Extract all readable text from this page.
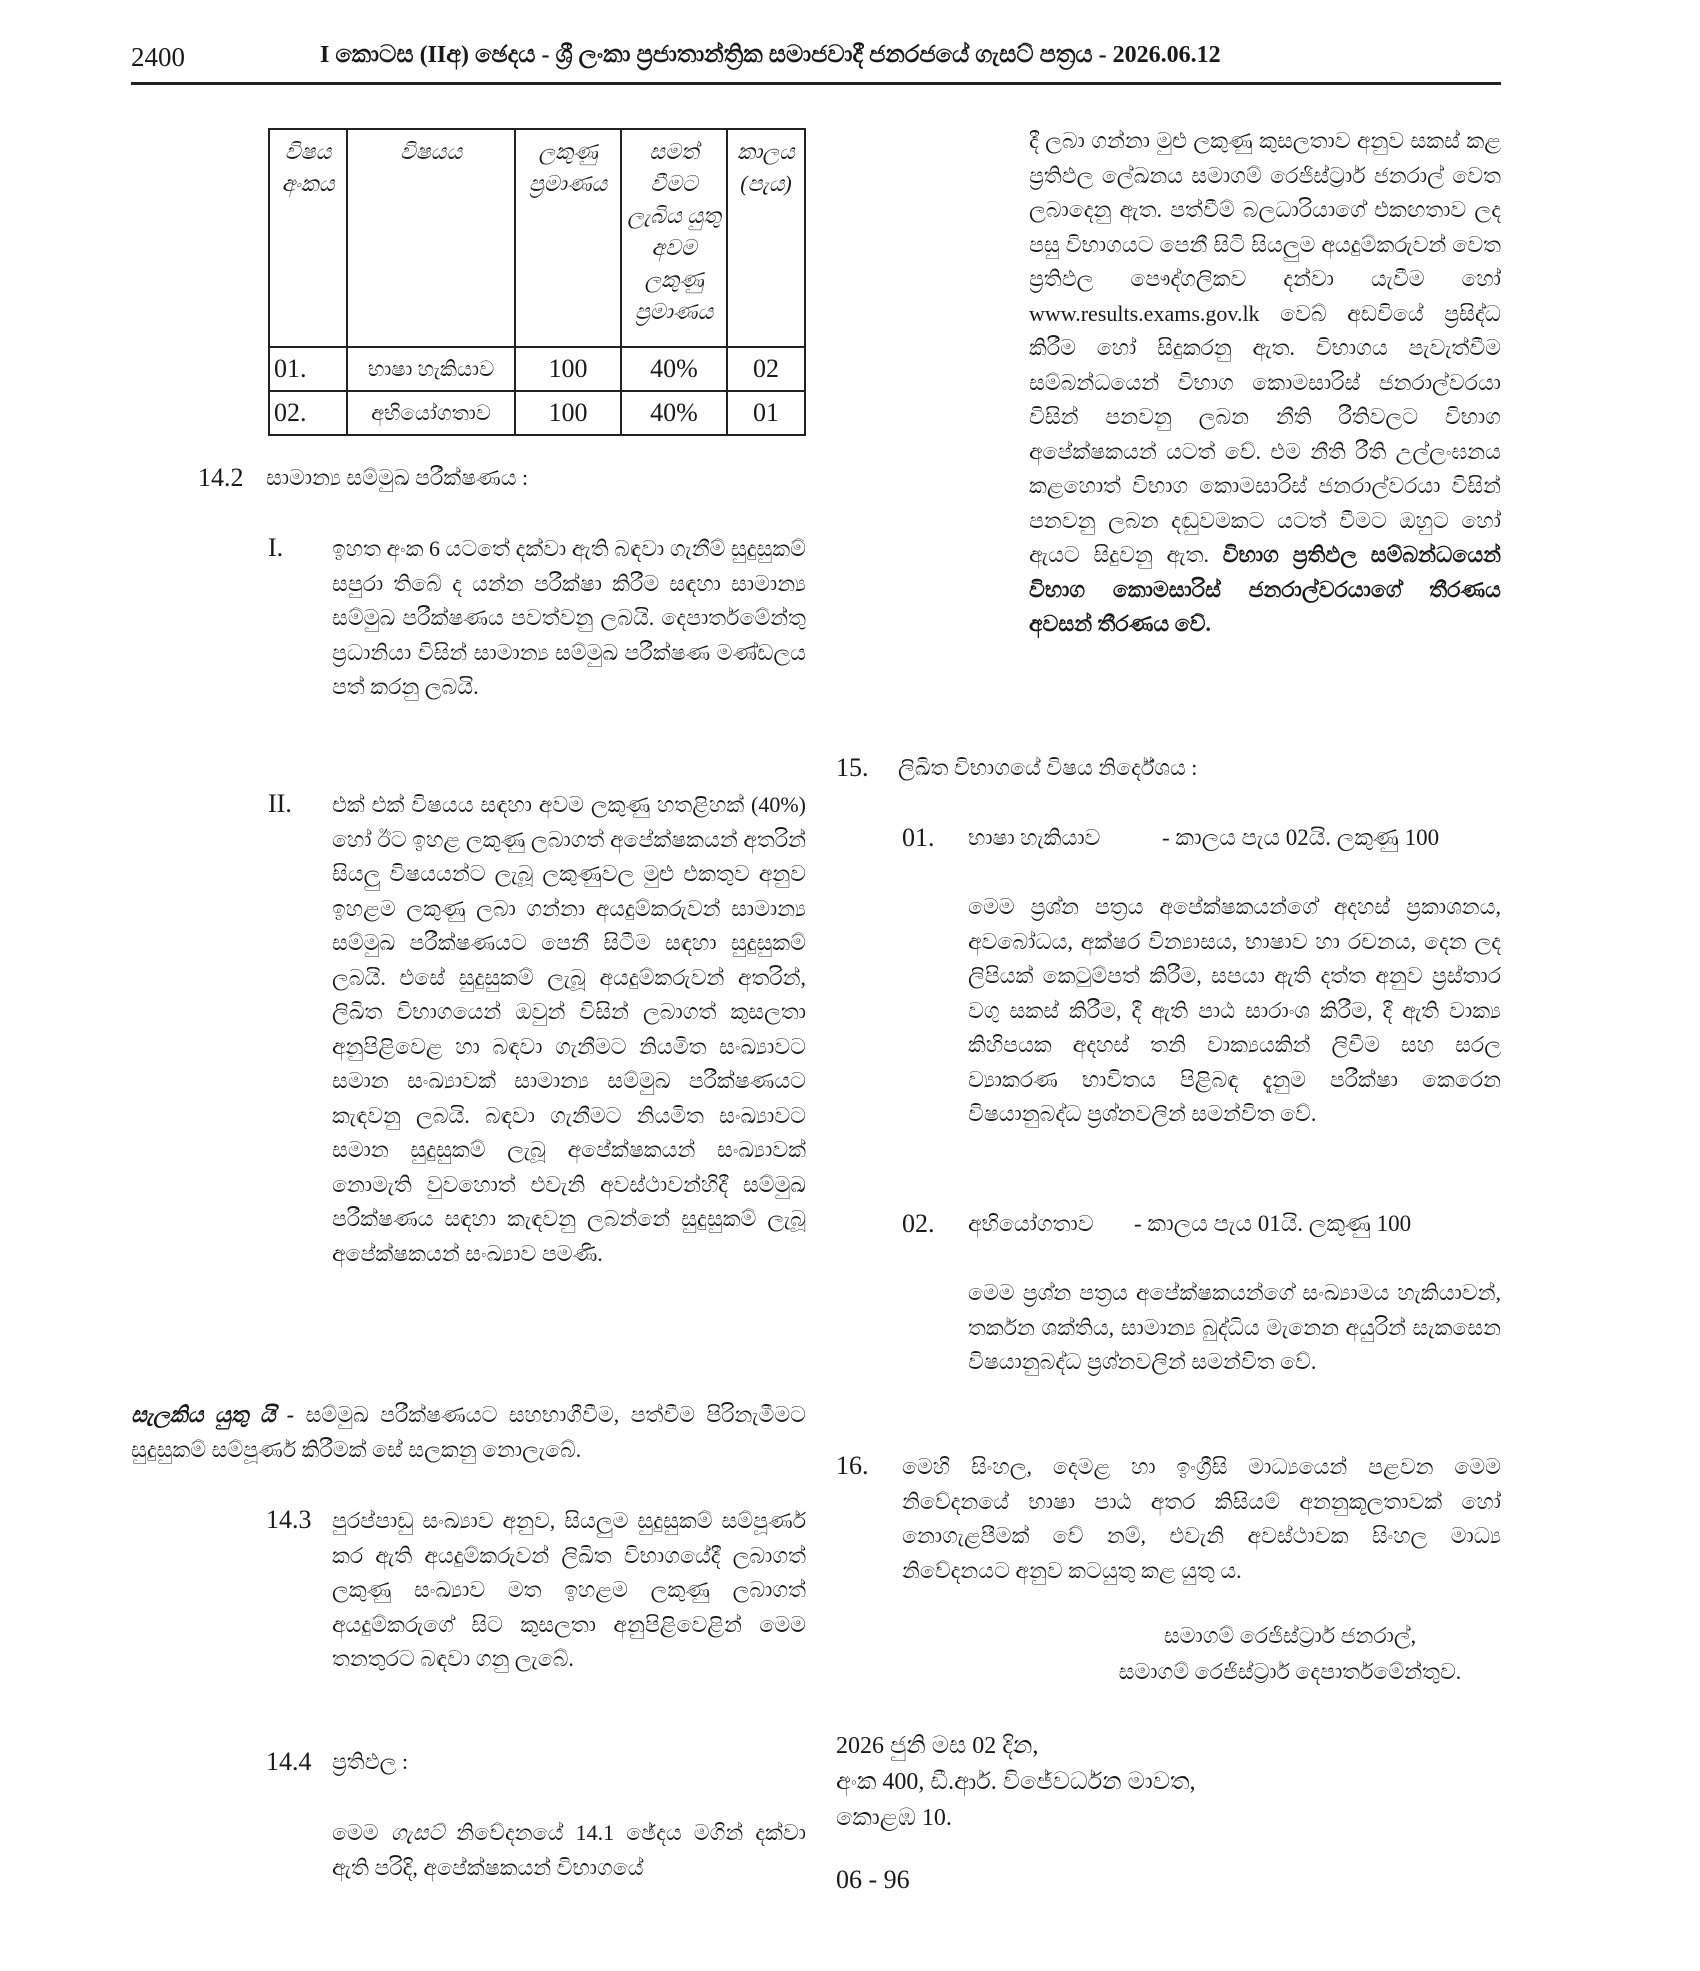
2400	I කොටස (IIඅ) ඡෙදය - ශ්‍රී ලංකා ප්‍රජාතාන්ත්‍රික සමාජවාදී ජනරජයේ ගැසට් පත්‍රය - 2026.06.12
විෂය අංකය	විෂයය	ලකුණු ප්‍රමාණය	සමත් වීමට ලැබිය යුතු අවම ලකුණු ප්‍රමාණය	කාලය (පැය)
01.	භාෂා හැකියාව	100	40%	02
02.	අභියෝගතාව	100	40%	01
14.2 සාමාන්‍ය සම්මුඛ පරීක්ෂණය :
I. ඉහත අංක 6 යටතේ දක්වා ඇති බඳවා ගැනීම් සුදුසුකම් සපුරා තිබේ ද යන්න පරීක්ෂා කිරීම සඳහා සාමාන්‍ය සම්මුඛ පරීක්ෂණය පවත්වනු ලබයි. දෙපාර්තමේන්තු ප්‍රධානියා විසින් සාමාන්‍ය සම්මුඛ පරීක්ෂණ මණ්ඩලය පත් කරනු ලබයි.
II. එක් එක් විෂයය සඳහා අවම ලකුණු හතළිහක් (40%) හෝ ඊට ඉහළ ලකුණු ලබාගත් අපේක්ෂකයන් අතරින් සියලු විෂයයන්ට ලැබූ ලකුණුවල මුළු එකතුව අනුව ඉහළම ලකුණු ලබා ගන්නා අයදුම්කරුවන් සාමාන්‍ය සම්මුඛ පරීක්ෂණයට පෙනී සිටීම සඳහා සුදුසුකම් ලබයි. එසේ සුදුසුකම් ලැබූ අයදුම්කරුවන් අතරින්, ලිඛිත විභාගයෙන් ඔවුන් විසින් ලබාගත් කුසලතා අනුපිළිවෙළ හා බඳවා ගැනීමට නියමිත සංඛ්‍යාවට සමාන සංඛ්‍යාවක් සාමාන්‍ය සම්මුඛ පරීක්ෂණයට කැඳවනු ලබයි. බඳවා ගැනීමට නියමිත සංඛ්‍යාවට සමාන සුදුසුකම් ලැබූ අපේක්ෂකයන් සංඛ්‍යාවක් නොමැති වුවහොත් එවැනි අවස්ථාවන්හිදී සම්මුඛ පරීක්ෂණය සඳහා කැඳවනු ලබන්නේ සුදුසුකම් ලැබූ අපේක්ෂකයන් සංඛ්‍යාව පමණි.
සැලකිය යුතු යි - සම්මුඛ පරීක්ෂණයට සහභාගීවීම, පත්වීම පිරිනැමීමට සුදුසුකම් සම්පූර්ණ කිරීමක් සේ සලකනු නොලැබේ.
14.3 පුරප්පාඩු සංඛ්‍යාව අනුව, සියලුම සුදුසුකම් සම්පූර්ණ කර ඇති අයදුම්කරුවන් ලිඛිත විභාගයේදී ලබාගත් ලකුණු සංඛ්‍යාව මත ඉහළම ලකුණු ලබාගත් අයදුම්කරුගේ සිට කුසලතා අනුපිළිවෙළින් මෙම තනතුරට බඳවා ගනු ලැබේ.
14.4 ප්‍රතිඵල :
මෙම ගැසට් නිවේදනයේ 14.1 ඡේදය මගින් දක්වා ඇති පරිදි, අපේක්ෂකයන් විභාගයේ
දී ලබා ගන්නා මුළු ලකුණු කුසලතාව අනුව සකස් කළ ප්‍රතිඵල ලේඛනය සමාගම් රෙජිස්ට්‍රාර් ජනරාල් වෙත ලබාදෙනු ඇත. පත්වීම් බලධාරියාගේ එකඟතාව ලද පසු විභාගයට පෙනී සිටි සියලුම අයදුම්කරුවන් වෙත ප්‍රතිඵල පෞද්ගලිකව දන්වා යැවීම හෝ www.results.exams.gov.lk වෙබ් අඩවියේ ප්‍රසිද්ධ කිරීම හෝ සිදුකරනු ඇත. විභාගය පැවැත්වීම සම්බන්ධයෙන් විභාග කොමසාරිස් ජනරාල්වරයා විසින් පනවනු ලබන නීති රීතිවලට විභාග අපේක්ෂකයන් යටත් වේ. එම නීති රීති උල්ලංඝනය කළහොත් විභාග කොමසාරිස් ජනරාල්වරයා විසින් පනවනු ලබන දඬුවමකට යටත් වීමට ඔහුට හෝ ඇයට සිදුවනු ඇත. විභාග ප්‍රතිඵල සම්බන්ධයෙන් විභාග කොමසාරිස් ජනරාල්වරයාගේ තීරණය අවසන් තීරණය වේ.
15. ලිඛිත විභාගයේ විෂය නිර්දේශය :
01. භාෂා හැකියාව	- කාලය පැය 02යි. ලකුණු 100
මෙම ප්‍රශ්න පත්‍රය අපේක්ෂකයන්ගේ අදහස් ප්‍රකාශනය, අවබෝධය, අක්ෂර වින්‍යාසය, භාෂාව හා රචනය, දෙන ලද ලිපියක් කෙටුම්පත් කිරීම, සපයා ඇති දත්ත අනුව ප්‍රස්තාර වගු සකස් කිරීම, දී ඇති පාඨ සාරාංශ කිරීම, දී ඇති වාක්‍ය කිහිපයක අදහස් තනි වාක්‍යයකින් ලිවීම සහ සරල ව්‍යාකරණ භාවිතය පිළිබඳ දැනුම පරීක්ෂා කෙරෙන විෂයානුබද්ධ ප්‍රශ්නවලින් සමන්විත වේ.
02. අභියෝගතාව - කාලය පැය 01යි. ලකුණු 100
මෙම ප්‍රශ්න පත්‍රය අපේක්ෂකයන්ගේ සංඛ්‍යාමය හැකියාවන්, තර්කන ශක්තිය, සාමාන්‍ය බුද්ධිය මැනෙන අයුරින් සැකසෙන විෂයානුබද්ධ ප්‍රශ්නවලින් සමන්විත වේ.
16. මෙහි සිංහල, දෙමළ හා ඉංග්‍රීසි මාධ්‍යයෙන් පළවන මෙම නිවේදනයේ භාෂා පාඨ අතර කිසියම් අනනුකූලතාවක් හෝ නොගැළපීමක් වේ නම්, එවැනි අවස්ථාවක සිංහල මාධ්‍ය නිවේදනයට අනුව කටයුතු කළ යුතු ය.
සමාගම් රෙජිස්ට්‍රාර් ජනරාල්,
සමාගම් රෙජිස්ට්‍රාර් දෙපාර්තමේන්තුව.
2026 ජුනි මස 02 දින,
අංක 400, ඩී.ආර්. විජේවර්ධන මාවත,
කොළඹ 10.
06 - 96
